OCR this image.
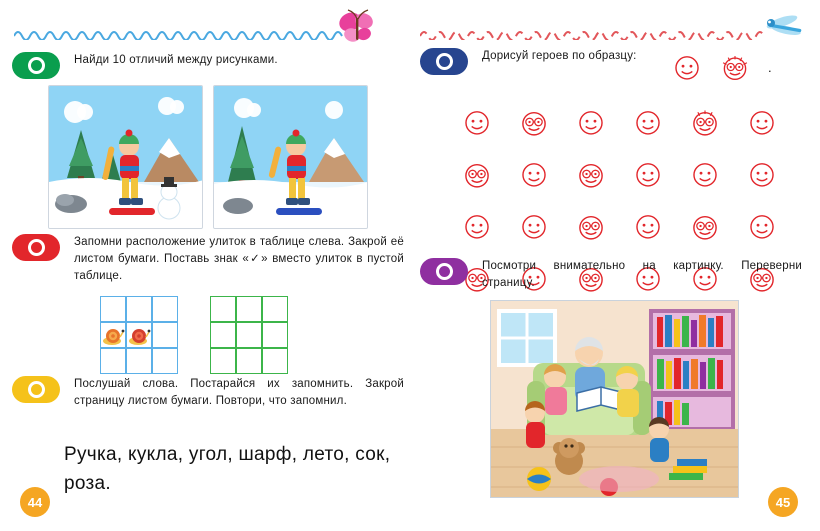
Найди 10 отличий между рисунками.
Запомни расположение улиток в таблице слева. Закрой её листом бумаги. Поставь знак «✓» вместо улиток в пустой таблице.
Послушай слова. Постарайся их запомнить. Закрой страницу листом бумаги. Повтори, что запомнил.
Ручка, кукла, угол, шарф, лето, сок, роза.
44
Дорисуй героев по образцу:
.
Посмотри внимательно на картинку. Переверни страницу.
45
